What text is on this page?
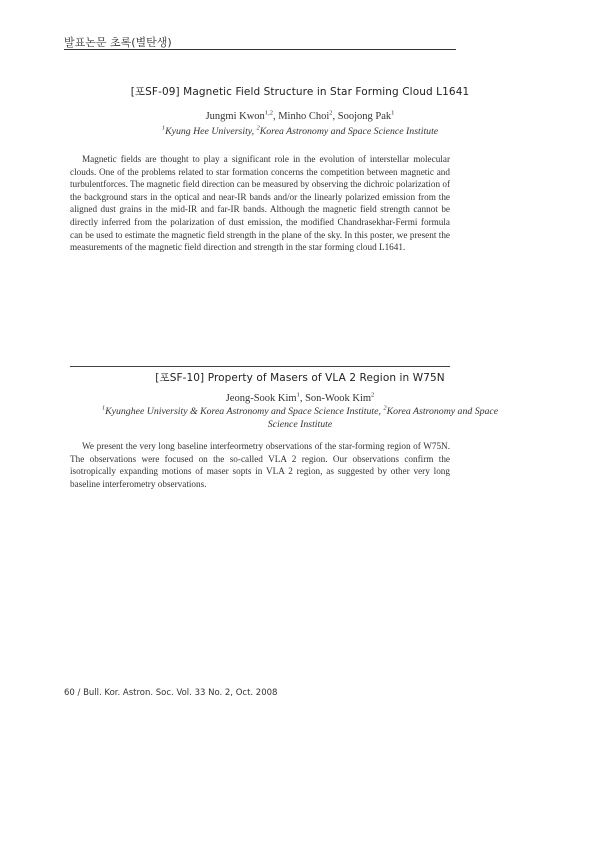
발표논문 초록(별탄생)
[포SF-09] Magnetic Field Structure in Star Forming Cloud L1641
Jungmi Kwon$^{1,2}$, Minho Choi$^2$, Soojong Pak$^1$
$^1$Kyung Hee University, $^2$Korea Astronomy and Space Science Institute

Magnetic fields are thought to play a significant role in the evolution of interstellar molecular clouds. One of the problems related to star formation concerns the competition between magnetic and turbulentforces. The magnetic field direction can be measured by observing the dichroic polarization of the background stars in the optical and near-IR bands and/or the linearly polarized emission from the aligned dust grains in the mid-IR and far-IR bands. Although the magnetic field strength cannot be directly inferred from the polarization of dust emission, the modified Chandrasekhar-Fermi formula can be used to estimate the magnetic field strength in the plane of the sky. In this poster, we present the measurements of the magnetic field direction and strength in the star forming cloud L1641.

[포SF-10] Property of Masers of VLA 2 Region in W75N
Jeong-Sook Kim$^1$, Son-Wook Kim$^2$
$^1$Kyunghee University & Korea Astronomy and Space Science Institute, $^2$Korea Astronomy and Space Science Institute

We present the very long baseline interfeormetry observations of the star-forming region of W75N. The observations were focused on the so-called VLA 2 region. Our observations confirm the isotropically expanding motions of maser sopts in VLA 2 region, as suggested by other very long baseline interferometry observations.

60 / Bull. Kor. Astron. Soc. Vol. 33 No. 2, Oct. 2008
